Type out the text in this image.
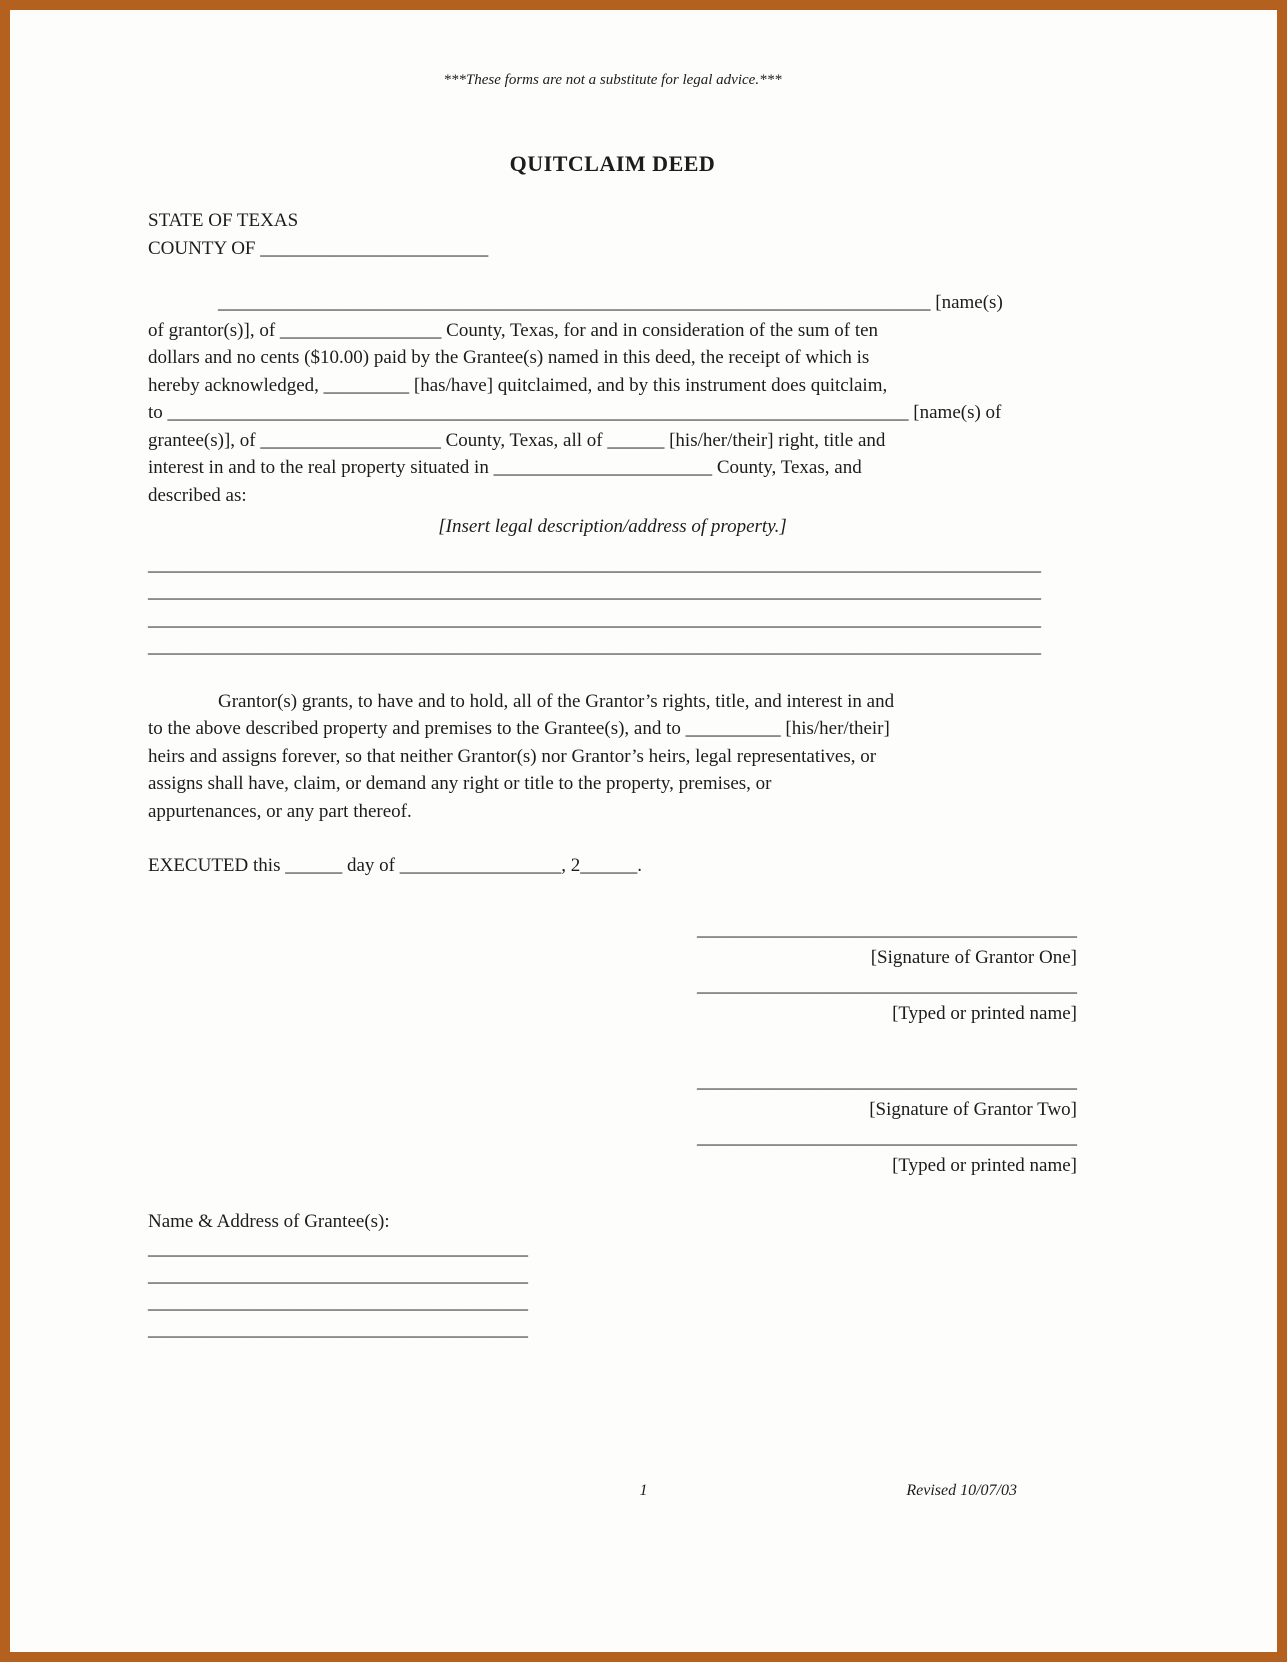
***These forms are not a substitute for legal advice.***
QUITCLAIM DEED
STATE OF TEXAS
COUNTY OF ________________________
___________________________________________________________________________ [name(s)
of grantor(s)], of _________________ County, Texas, for and in consideration of the sum of ten
dollars and no cents ($10.00) paid by the Grantee(s) named in this deed, the receipt of which is
hereby acknowledged, _________ [has/have] quitclaimed, and by this instrument does quitclaim,
to ______________________________________________________________________________ [name(s) of
grantee(s)], of ___________________ County, Texas, all of ______ [his/her/their] right, title and
interest in and to the real property situated in _______________________ County, Texas, and
described as:
[Insert legal description/address of property.]
______________________________________________________________________________________________
______________________________________________________________________________________________
______________________________________________________________________________________________
______________________________________________________________________________________________
Grantor(s) grants, to have and to hold, all of the Grantor’s rights, title, and interest in and
to the above described property and premises to the Grantee(s), and to __________ [his/her/their]
heirs and assigns forever, so that neither Grantor(s) nor Grantor’s heirs, legal representatives, or
assigns shall have, claim, or demand any right or title to the property, premises, or
appurtenances, or any part thereof.
EXECUTED this ______ day of _________________, 2______.
________________________________________
[Signature of Grantor One]
________________________________________
[Typed or printed name]
________________________________________
[Signature of Grantor Two]
________________________________________
[Typed or printed name]
Name & Address of Grantee(s):
________________________________________
________________________________________
________________________________________
________________________________________
1	Revised 10/07/03
